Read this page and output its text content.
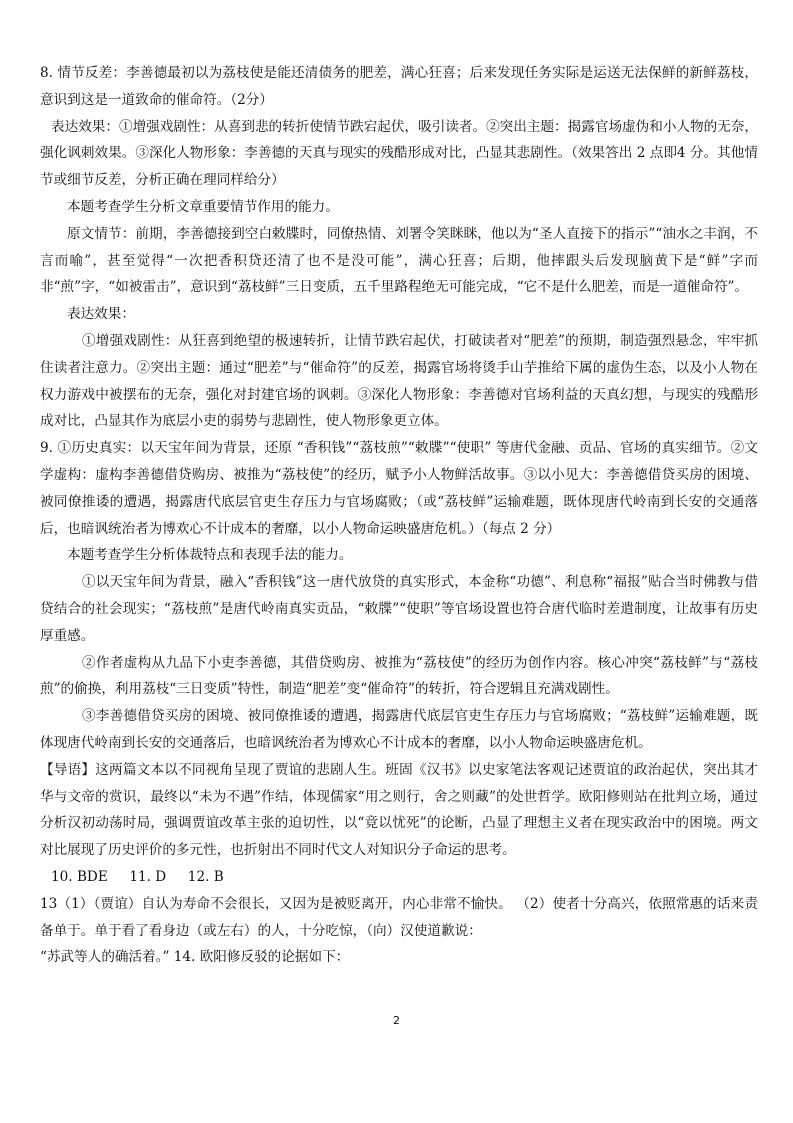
8. 情节反差：李善德最初以为荔枝使是能还清债务的肥差，满心狂喜；后来发现任务实际是运送无法保鲜的新鲜荔枝，意识到这是一道致命的催命符。（2分）

表达效果：①增强戏剧性：从喜到悲的转折使情节跌宕起伏，吸引读者。②突出主题：揭露官场虚伪和小人物的无奈，强化讽刺效果。③深化人物形象：李善德的天真与现实的残酷形成对比，凸显其悲剧性。（效果答出 2 点即4 分。其他情节或细节反差，分析正确在理同样给分）

本题考查学生分析文章重要情节作用的能力。

原文情节：前期，李善德接到空白敕牒时，同僚热情、刘署令笑眯眯，他以为“圣人直接下的指示”“油水之丰润，不言而喻”，甚至觉得“一次把香积贷还清了也不是没可能”，满心狂喜；后期，他摔跟头后发现脑黄下是“鲜”字而非“煎”字，“如被雷击”，意识到“荔枝鲜”三日变质，五千里路程绝无可能完成，“它不是什么肥差，而是一道催命符”。

表达效果：

①增强戏剧性：从狂喜到绝望的极速转折，让情节跌宕起伏，打破读者对“肥差”的预期，制造强烈悬念，牢牢抓住读者注意力。②突出主题：通过“肥差”与“催命符”的反差，揭露官场将烫手山芋推给下属的虚伪生态，以及小人物在权力游戏中被摆布的无奈，强化对封建官场的讽刺。③深化人物形象：李善德对官场利益的天真幻想，与现实的残酷形成对比，凸显其作为底层小吏的弱势与悲剧性，使人物形象更立体。

9. ①历史真实：以天宝年间为背景，还原 “香积钱”“荔枝煎”“敕牒”“使职” 等唐代金融、贡品、官场的真实细节。②文学虚构：虚构李善德借贷购房、被推为“荔枝使”的经历，赋予小人物鲜活故事。③以小见大：李善德借贷买房的困境、被同僚推诿的遭遇，揭露唐代底层官吏生存压力与官场腐败；（或“荔枝鲜”运输难题，既体现唐代岭南到长安的交通落后，也暗讽统治者为博欢心不计成本的奢靡，以小人物命运映盛唐危机。）（每点 2 分）

本题考查学生分析体裁特点和表现手法的能力。

①以天宝年间为背景，融入“香积钱”这一唐代放贷的真实形式，本金称“功德”、利息称“福报”贴合当时佛教与借贷结合的社会现实；“荔枝煎”是唐代岭南真实贡品，“敕牒”“使职”等官场设置也符合唐代临时差遣制度，让故事有历史厚重感。

②作者虚构从九品下小吏李善德，其借贷购房、被推为“荔枝使”的经历为创作内容。核心冲突“荔枝鲜”与“荔枝煎”的偷换，利用荔枝“三日变质”特性，制造“肥差”变“催命符”的转折，符合逻辑且充满戏剧性。

③李善德借贷买房的困境、被同僚推诿的遭遇，揭露唐代底层官吏生存压力与官场腐败；“荔枝鲜”运输难题，既体现唐代岭南到长安的交通落后，也暗讽统治者为博欢心不计成本的奢靡，以小人物命运映盛唐危机。

【导语】这两篇文本以不同视角呈现了贾谊的悲剧人生。班固《汉书》以史家笔法客观记述贾谊的政治起伏，突出其才华与文帝的赏识，最终以“未为不遇”作结，体现儒家“用之则行，舍之则藏”的处世哲学。欧阳修则站在批判立场，通过分析汉初动荡时局，强调贾谊改革主张的迫切性，以“竟以忧死”的论断，凸显了理想主义者在现实政治中的困境。两文对比展现了历史评价的多元性，也折射出不同时代文人对知识分子命运的思考。

10. BDE     11. D     12. B

13（1）（贾谊）自认为寿命不会很长，又因为是被贬离开，内心非常不愉快。 （2）使者十分高兴，依照常惠的话来责备单于。单于看了看身边（或左右）的人，十分吃惊，（向）汉使道歉说：

“苏武等人的确活着。” 14. 欧阳修反驳的论据如下：

2
